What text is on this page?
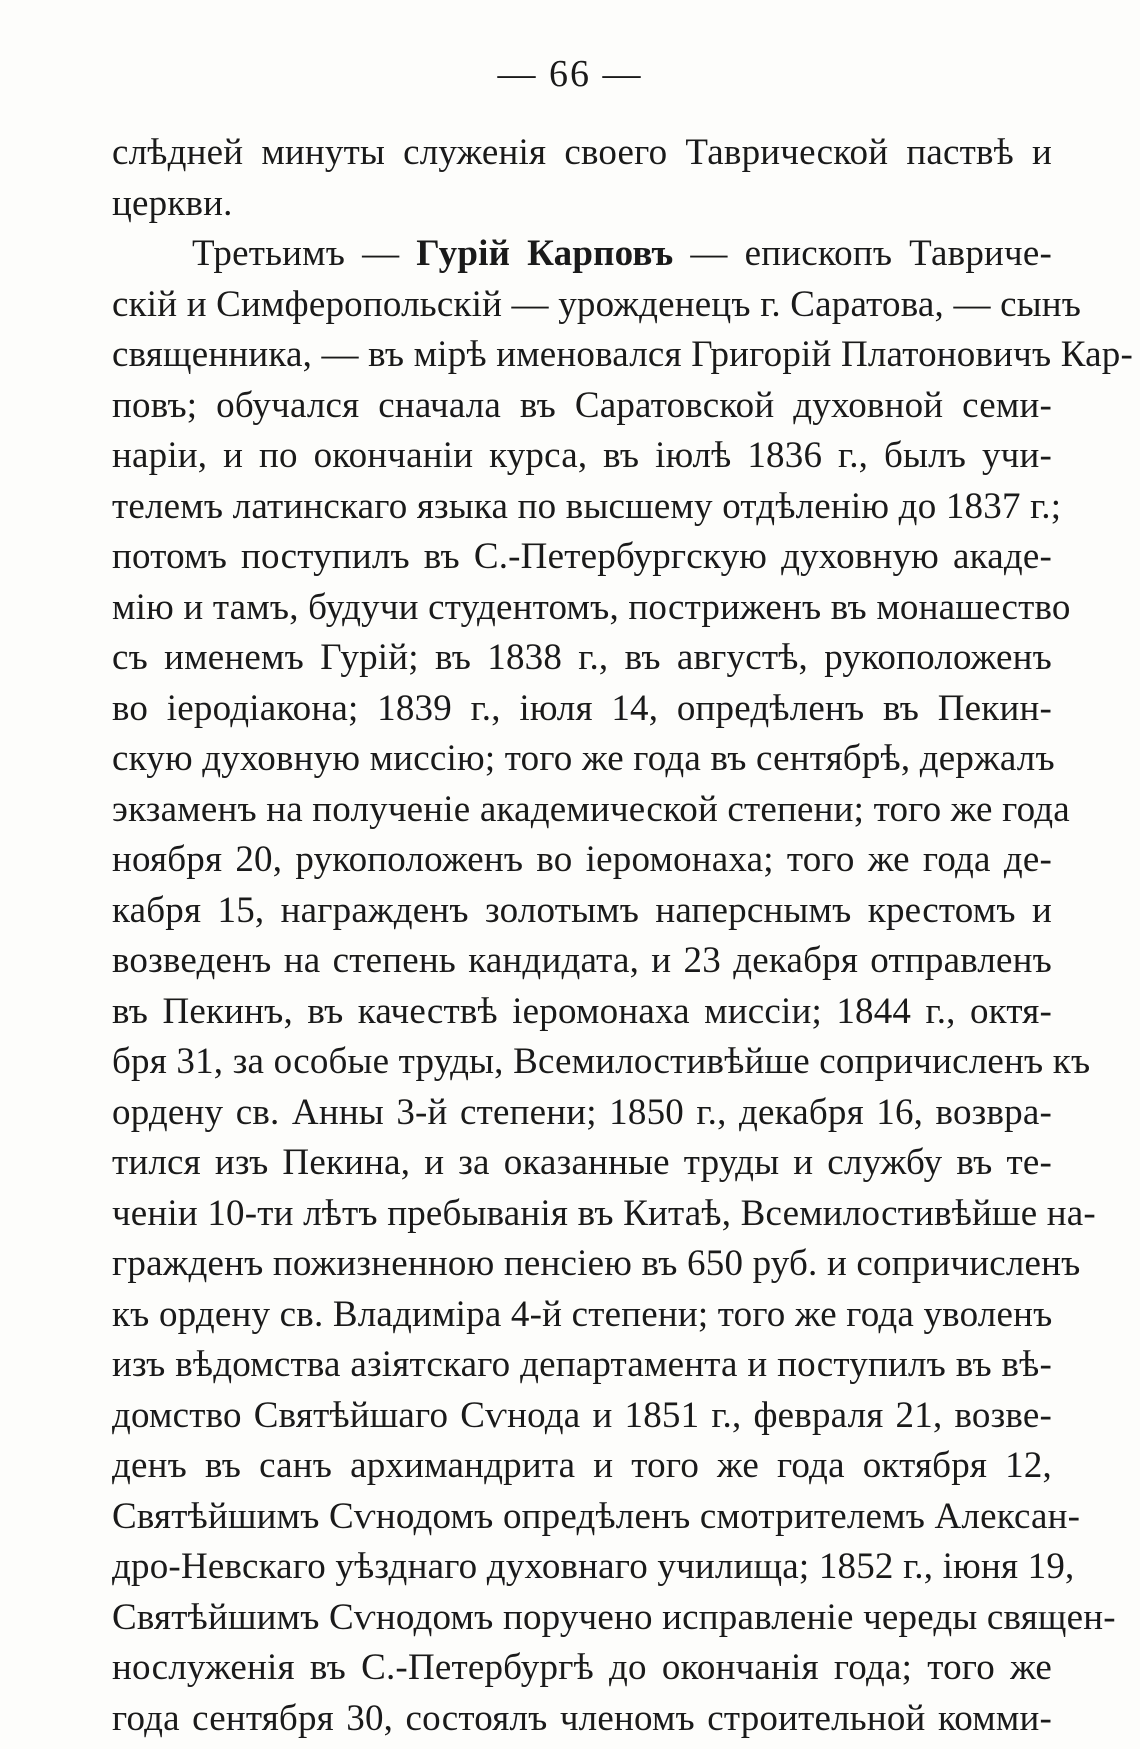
— 66 —
слѣдней минуты служенія своего Таврической паствѣ и
церкви.
Третьимъ — Гурій Карповъ — епископъ Тавриче-
скій и Симферопольскій — урожденецъ г. Саратова, — сынъ
священника, — въ мірѣ именовался Григорій Платоновичъ Кар-
повъ; обучался сначала въ Саратовской духовной семи-
наріи, и по окончаніи курса, въ іюлѣ 1836 г., былъ учи-
телемъ латинскаго языка по высшему отдѣленію до 1837 г.;
потомъ поступилъ въ С.-Петербургскую духовную акаде-
мію и тамъ, будучи студентомъ, постриженъ въ монашество
съ именемъ Гурій; въ 1838 г., въ августѣ, рукоположенъ
во іеродіакона; 1839 г., іюля 14, опредѣленъ въ Пекин-
скую духовную миссію; того же года въ сентябрѣ, держалъ
экзаменъ на полученіе академической степени; того же года
ноября 20, рукоположенъ во іеромонаха; того же года де-
кабря 15, награжденъ золотымъ наперснымъ крестомъ и
возведенъ на степень кандидата, и 23 декабря отправленъ
въ Пекинъ, въ качествѣ іеромонаха миссіи; 1844 г., октя-
бря 31, за особые труды, Всемилостивѣйше сопричисленъ къ
ордену св. Анны 3-й степени; 1850 г., декабря 16, возвра-
тился изъ Пекина, и за оказанные труды и службу въ те-
ченіи 10-ти лѣтъ пребыванія въ Китаѣ, Всемилостивѣйше на-
гражденъ пожизненною пенсіею въ 650 руб. и сопричисленъ
къ ордену св. Владиміра 4-й степени; того же года уволенъ
изъ вѣдомства азіятскаго департамента и поступилъ въ вѣ-
домство Святѣйшаго Сѵнода и 1851 г., февраля 21, возве-
денъ въ санъ архимандрита и того же года октября 12,
Святѣйшимъ Сѵнодомъ опредѣленъ смотрителемъ Алексан-
дро-Невскаго уѣзднаго духовнаго училища; 1852 г., іюня 19,
Святѣйшимъ Сѵнодомъ поручено исправленіе череды священ-
нослуженія въ С.-Петербургѣ до окончанія года; того же
года сентября 30, состоялъ членомъ строительной комми-
